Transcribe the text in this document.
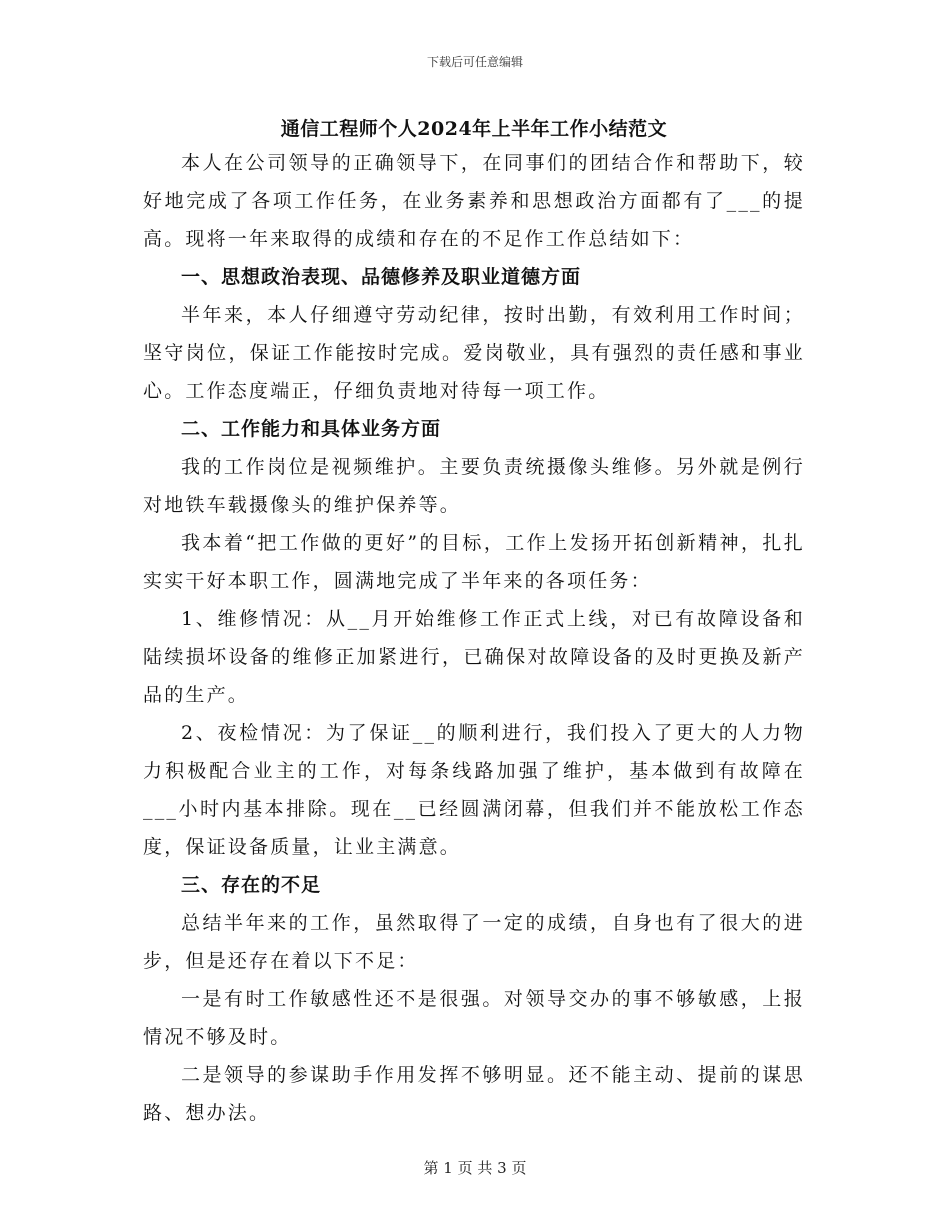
下载后可任意编辑
通信工程师个人2024年上半年工作小结范文

本人在公司领导的正确领导下，在同事们的团结合作和帮助下，较好地完成了各项工作任务，在业务素养和思想政治方面都有了___的提高。现将一年来取得的成绩和存在的不足作工作总结如下：

一、思想政治表现、品德修养及职业道德方面

半年来，本人仔细遵守劳动纪律，按时出勤，有效利用工作时间；坚守岗位，保证工作能按时完成。爱岗敬业，具有强烈的责任感和事业心。工作态度端正，仔细负责地对待每一项工作。

二、工作能力和具体业务方面

我的工作岗位是视频维护。主要负责统摄像头维修。另外就是例行对地铁车载摄像头的维护保养等。

我本着“把工作做的更好”的目标，工作上发扬开拓创新精神，扎扎实实干好本职工作，圆满地完成了半年来的各项任务：

1、维修情况：从__月开始维修工作正式上线，对已有故障设备和陆续损坏设备的维修正加紧进行，已确保对故障设备的及时更换及新产品的生产。

2、夜检情况：为了保证__的顺利进行，我们投入了更大的人力物力积极配合业主的工作，对每条线路加强了维护，基本做到有故障在___小时内基本排除。现在__已经圆满闭幕，但我们并不能放松工作态度，保证设备质量，让业主满意。

三、存在的不足

总结半年来的工作，虽然取得了一定的成绩，自身也有了很大的进步，但是还存在着以下不足：

一是有时工作敏感性还不是很强。对领导交办的事不够敏感，上报情况不够及时。

二是领导的参谋助手作用发挥不够明显。还不能主动、提前的谋思路、想办法。

第 1 页 共 3 页
